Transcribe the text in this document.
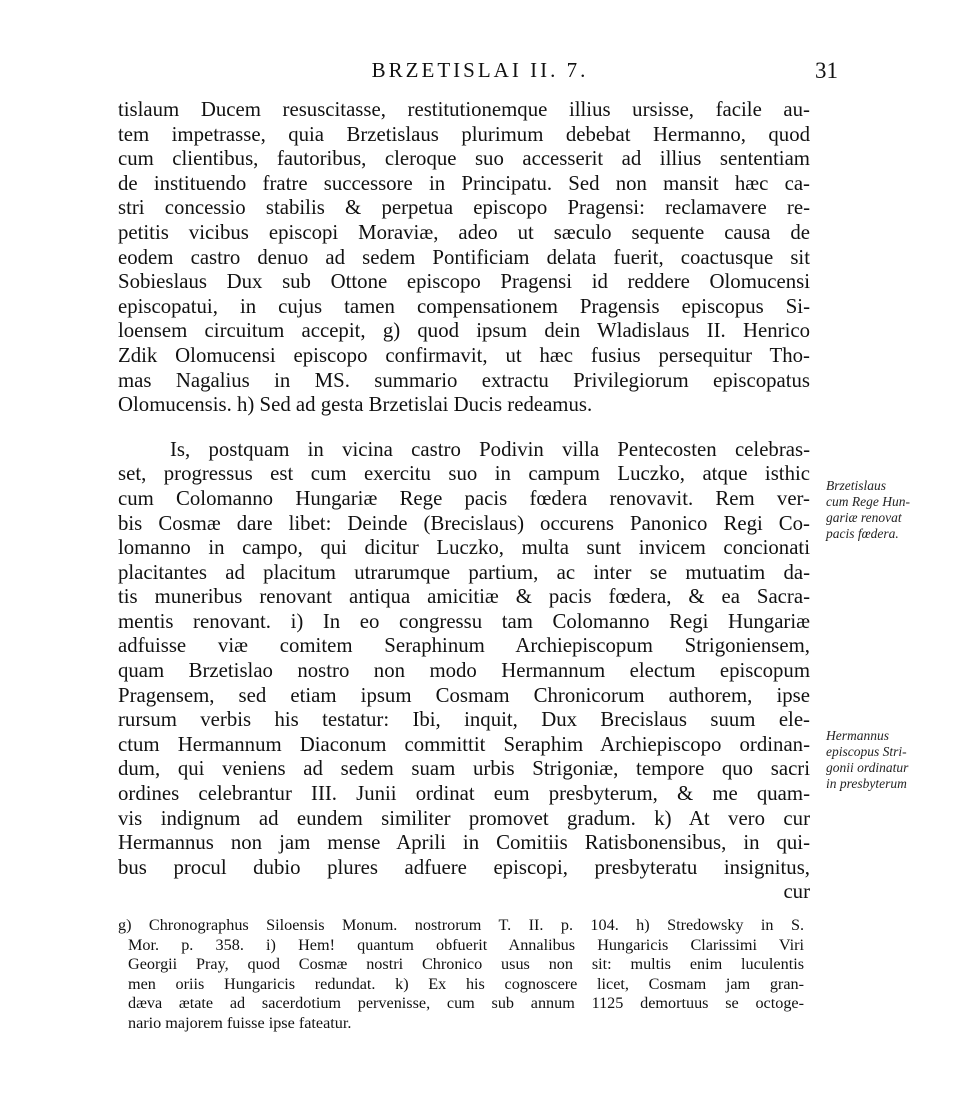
BRZETISLAI II. 7.	31
tislaum Ducem resuscitasse, restitutionemque illius ursisse, facile au-
tem impetrasse, quia Brzetislaus plurimum debebat Hermanno, quod
cum clientibus, fautoribus, cleroque suo accesserit ad illius sententiam
de instituendo fratre successore in Principatu. Sed non mansit hæc ca-
stri concessio stabilis & perpetua episcopo Pragensi: reclamavere re-
petitis vicibus episcopi Moraviæ, adeo ut sæculo sequente causa de
eodem castro denuo ad sedem Pontificiam delata fuerit, coactusque sit
Sobieslaus Dux sub Ottone episcopo Pragensi id reddere Olomucensi
episcopatui, in cujus tamen compensationem Pragensis episcopus Si-
loensem circuitum accepit, g) quod ipsum dein Wladislaus II. Henrico
Zdik Olomucensi episcopo confirmavit, ut hæc fusius persequitur Tho-
mas Nagalius in MS. summario extractu Privilegiorum episcopatus
Olomucensis. h) Sed ad gesta Brzetislai Ducis redeamus.
Is, postquam in vicina castro Podivin villa Pentecosten celebras-
set, progressus est cum exercitu suo in campum Luczko, atque isthic
cum Colomanno Hungariæ Rege pacis fœdera renovavit. Rem ver-
bis Cosmæ dare libet: Deinde (Brecislaus) occurens Panonico Regi Co-
lomanno in campo, qui dicitur Luczko, multa sunt invicem concionati
placitantes ad placitum utrarumque partium, ac inter se mutuatim da-
tis muneribus renovant antiqua amicitiæ & pacis fœdera, & ea Sacra-
mentis renovant. i) In eo congressu tam Colomanno Regi Hungariæ
adfuisse viæ comitem Seraphinum Archiepiscopum Strigoniensem,
quam Brzetislao nostro non modo Hermannum electum episcopum
Pragensem, sed etiam ipsum Cosmam Chronicorum authorem, ipse
rursum verbis his testatur: Ibi, inquit, Dux Brecislaus suum ele-
ctum Hermannum Diaconum committit Seraphim Archiepiscopo ordinan-
dum, qui veniens ad sedem suam urbis Strigoniæ, tempore quo sacri
ordines celebrantur III. Junii ordinat eum presbyterum, & me quam-
vis indignum ad eundem similiter promovet gradum. k) At vero cur
Hermannus non jam mense Aprili in Comitiis Ratisbonensibus, in qui-
bus procul dubio plures adfuere episcopi, presbyteratu insignitus,
cur
Brzetislaus
cum Rege Hun-
gariæ renovat
pacis fœdera.
Hermannus
episcopus Stri-
gonii ordinatur
in presbyterum
g) Chronographus Siloensis Monum. nostrorum T. II. p. 104. h) Stredowsky in S.
Mor. p. 358. i) Hem! quantum obfuerit Annalibus Hungaricis Clarissimi Viri
Georgii Pray, quod Cosmæ nostri Chronico usus non sit: multis enim luculentis
men oriis Hungaricis redundat. k) Ex his cognoscere licet, Cosmam jam gran-
dæva ætate ad sacerdotium pervenisse, cum sub annum 1125 demortuus se octoge-
nario majorem fuisse ipse fateatur.
